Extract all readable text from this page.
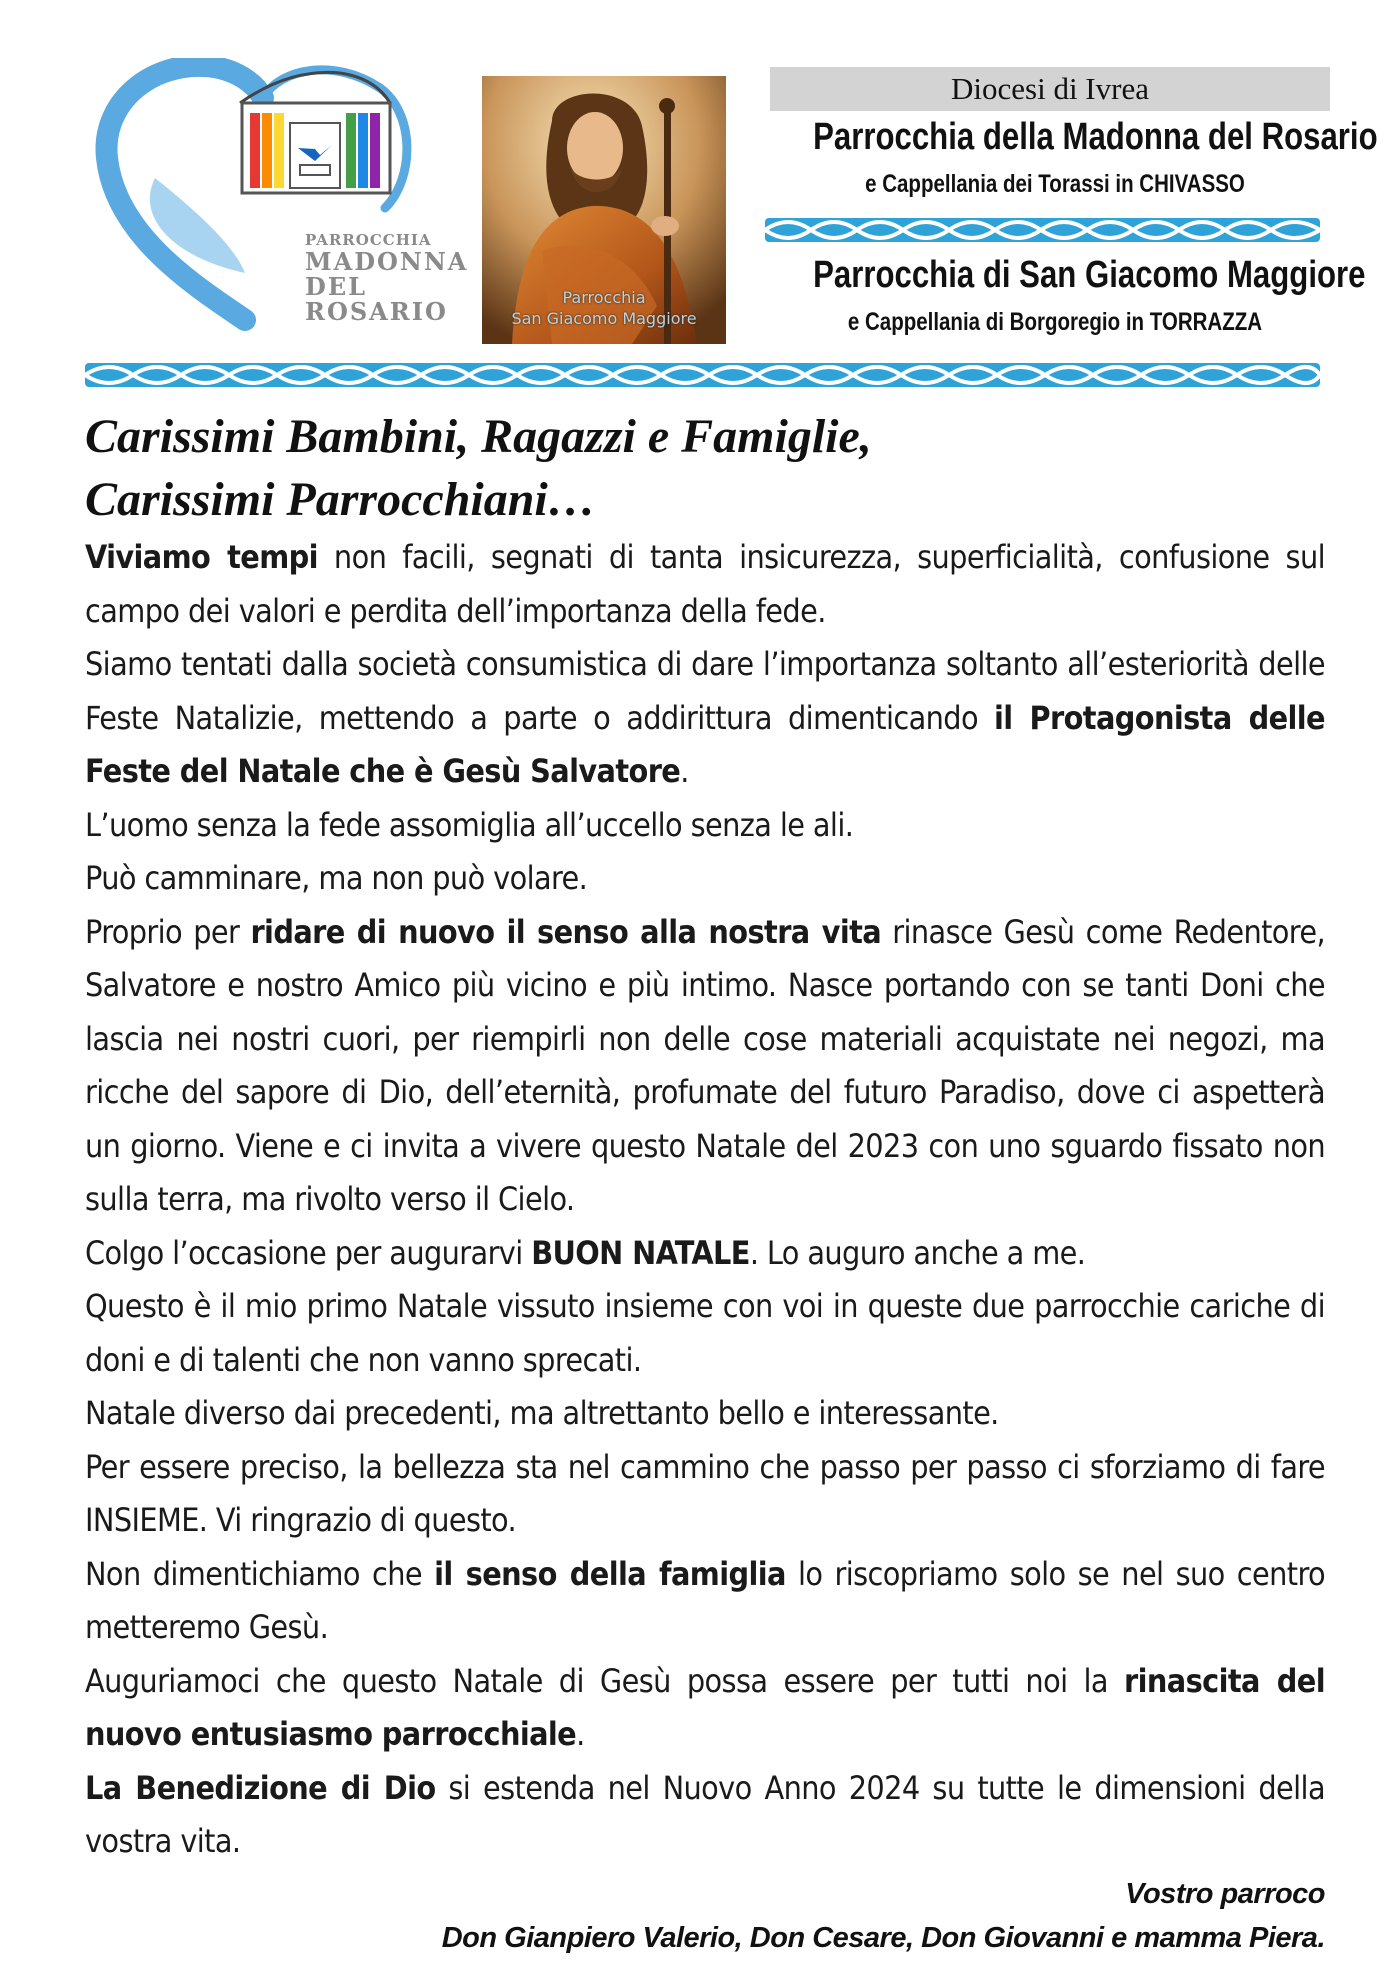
PARROCCHIA
MADONNA
DEL
ROSARIO	Parrocchia
San Giacomo Maggiore
Diocesi di Ivrea
Parrocchia della Madonna del Rosario
e Cappellania dei Torassi in CHIVASSO
Parrocchia di San Giacomo Maggiore
e Cappellania di Borgoregio in TORRAZZA
Carissimi Bambini, Ragazzi e Famiglie,
Carissimi Parrocchiani…

Viviamo tempi non facili, segnati di tanta insicurezza, superficialità, confusione sul campo dei valori e perdita dell’importanza della fede.

Siamo tentati dalla società consumistica di dare l’importanza soltanto all’esteriorità delle Feste Natalizie, mettendo a parte o addirittura dimenticando il Protagonista delle Feste del Natale che è Gesù Salvatore.

L’uomo senza la fede assomiglia all’uccello senza le ali.

Può camminare, ma non può volare.

Proprio per ridare di nuovo il senso alla nostra vita rinasce Gesù come Redentore, Salvatore e nostro Amico più vicino e più intimo. Nasce portando con se tanti Doni che lascia nei nostri cuori, per riempirli non delle cose materiali acquistate nei negozi, ma ricche del sapore di Dio, dell’eternità, profumate del futuro Paradiso, dove ci aspetterà un giorno. Viene e ci invita a vivere questo Natale del 2023 con uno sguardo fissato non sulla terra, ma rivolto verso il Cielo.

Colgo l’occasione per augurarvi BUON NATALE. Lo auguro anche a me.

Questo è il mio primo Natale vissuto insieme con voi in queste due parrocchie cariche di doni e di talenti che non vanno sprecati.

Natale diverso dai precedenti, ma altrettanto bello e interessante.

Per essere preciso, la bellezza sta nel cammino che passo per passo ci sforziamo di fare INSIEME. Vi ringrazio di questo.

Non dimentichiamo che il senso della famiglia lo riscopriamo solo se nel suo centro metteremo Gesù.

Auguriamoci che questo Natale di Gesù possa essere per tutti noi la rinascita del nuovo entusiasmo parrocchiale.

La Benedizione di Dio si estenda nel Nuovo Anno 2024 su tutte le dimensioni della vostra vita.

Vostro parroco
Don Gianpiero Valerio, Don Cesare, Don Giovanni e mamma Piera.
